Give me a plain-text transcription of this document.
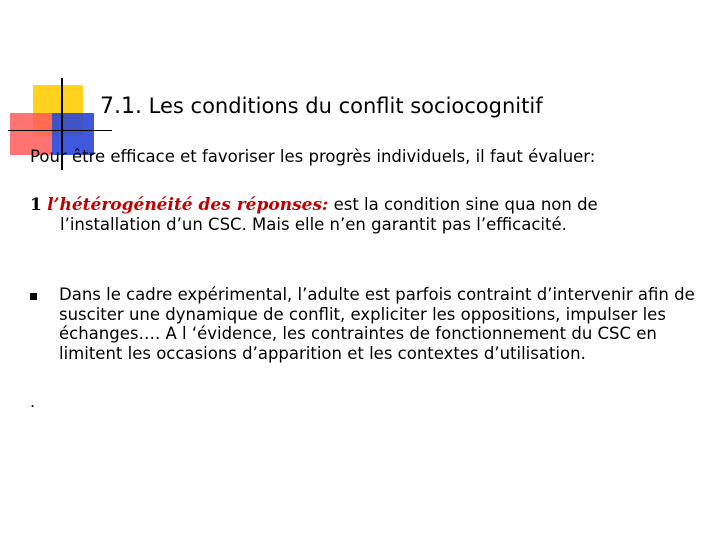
7.1. Les conditions du conflit sociocognitif
Pour être efficace et favoriser les progrès individuels, il faut évaluer:
1 l’hétérogénéité des réponses: est la condition sine qua non de
l’installation d’un CSC. Mais elle n’en garantit pas l’efficacité.
Dans le cadre expérimental, l’adulte est parfois contraint d’intervenir afin de susciter une dynamique de conflit, expliciter les oppositions, impulser les échanges…. A l ‘évidence, les contraintes de fonctionnement du CSC en limitent les occasions d’apparition et les contextes d’utilisation.
.
